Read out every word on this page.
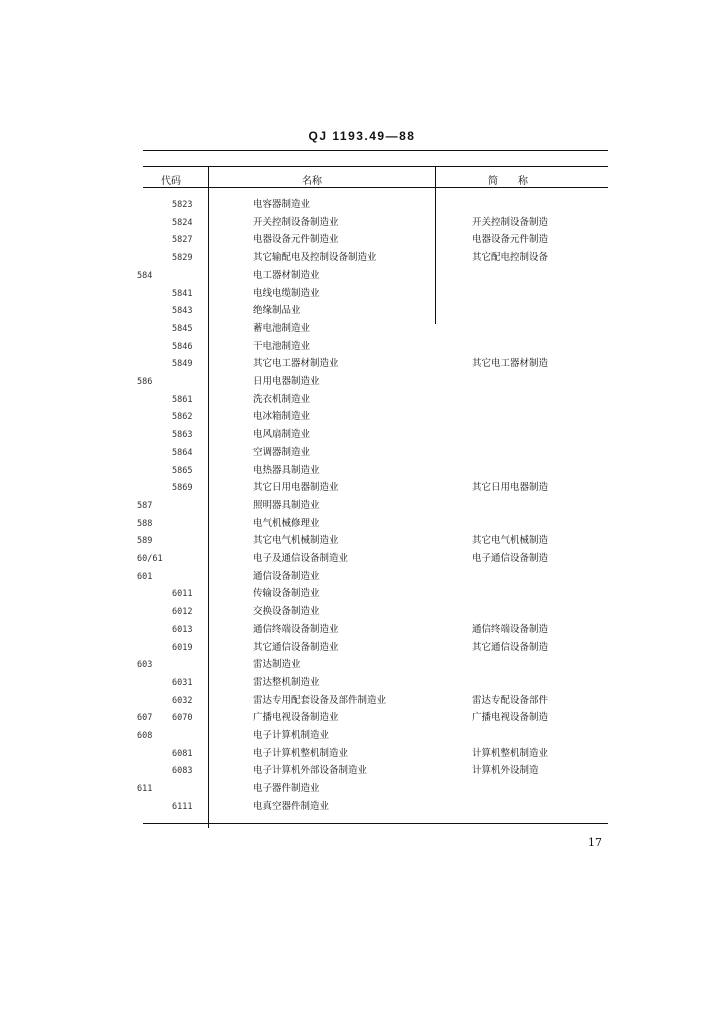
QJ 1193.49—88
代码	名称	简　　称
5823	电容器制造业
5824	开关控制设备制造业	开关控制设备制造
5827	电器设备元件制造业	电器设备元件制造
5829	其它输配电及控制设备制造业	其它配电控制设备
584	电工器材制造业
5841	电线电缆制造业
5843	绝缘制品业
5845	蓄电池制造业
5846	干电池制造业
5849	其它电工器材制造业	其它电工器材制造
586	日用电器制造业
5861	洗衣机制造业
5862	电冰箱制造业
5863	电风扇制造业
5864	空调器制造业
5865	电热器具制造业
5869	其它日用电器制造业	其它日用电器制造
587	照明器具制造业
588	电气机械修理业
589	其它电气机械制造业	其它电气机械制造
60/61	电子及通信设备制造业	电子通信设备制造
601	通信设备制造业
6011	传输设备制造业
6012	交换设备制造业
6013	通信终端设备制造业	通信终端设备制造
6019	其它通信设备制造业	其它通信设备制造
603	雷达制造业
6031	雷达整机制造业
6032	雷达专用配套设备及部件制造业	雷达专配设备部件
607 6070	广播电视设备制造业	广播电视设备制造
608	电子计算机制造业
6081	电子计算机整机制造业	计算机整机制造业
6083	电子计算机外部设备制造业	计算机外设制造
611	电子器件制造业
6111	电真空器件制造业
17
